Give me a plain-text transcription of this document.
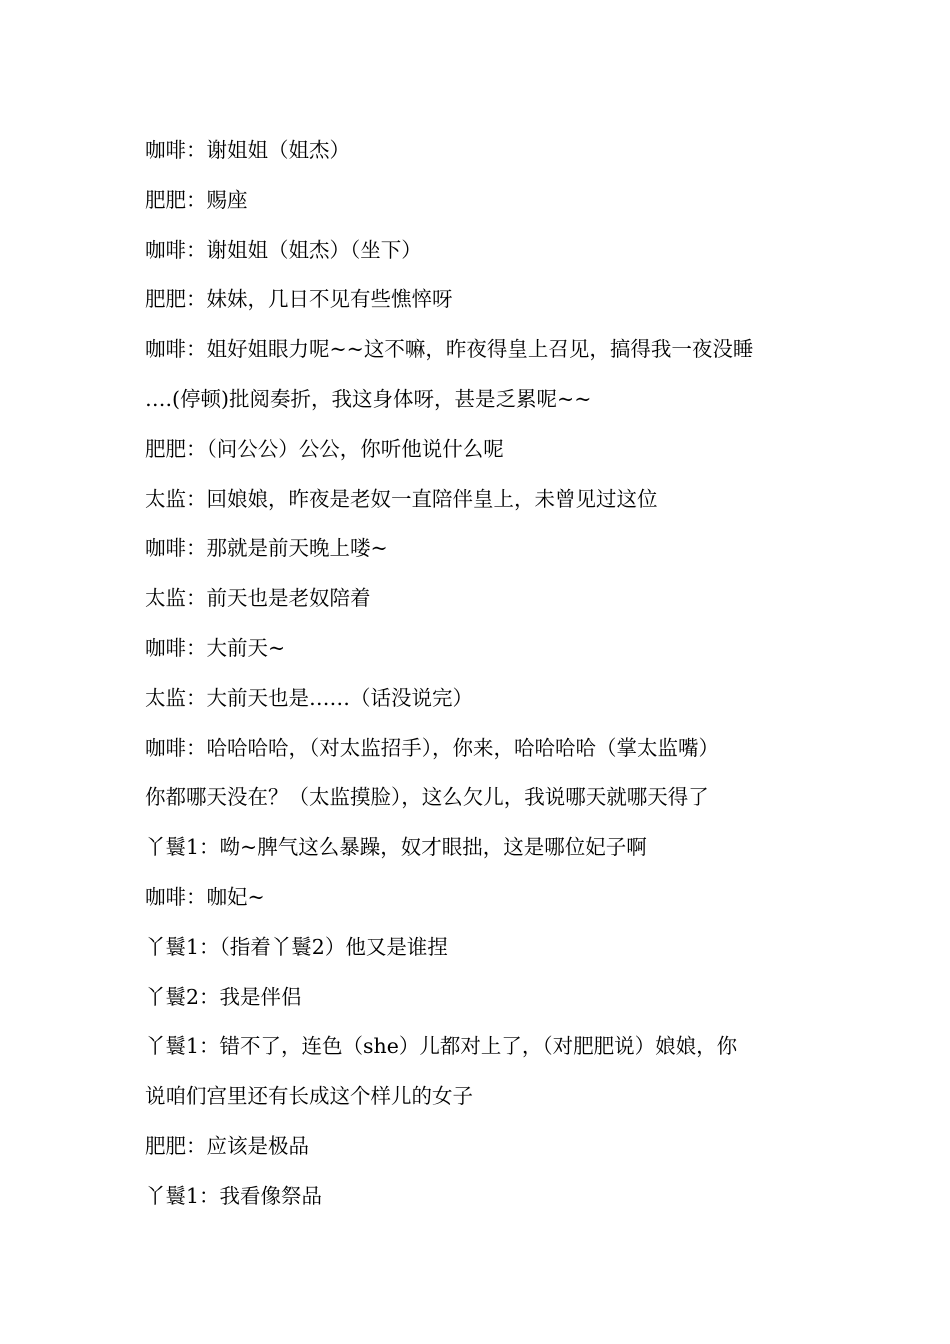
咖啡：谢姐姐（姐杰）
肥肥：赐座
咖啡：谢姐姐（姐杰）（坐下）
肥肥：妹妹，几日不见有些憔悴呀
咖啡：姐好姐眼力呢~~这不嘛，昨夜得皇上召见，搞得我一夜没睡
….(停顿)批阅奏折，我这身体呀，甚是乏累呢~~
肥肥：（问公公）公公，你听他说什么呢
太监：回娘娘，昨夜是老奴一直陪伴皇上，未曾见过这位
咖啡：那就是前天晚上喽~
太监：前天也是老奴陪着
咖啡：大前天~
太监：大前天也是……（话没说完）
咖啡：哈哈哈哈，（对太监招手），你来，哈哈哈哈（掌太监嘴）
你都哪天没在？（太监摸脸），这么欠儿，我说哪天就哪天得了
丫鬟1：呦~脾气这么暴躁，奴才眼拙，这是哪位妃子啊
咖啡：咖妃~
丫鬟1：（指着丫鬟2）他又是谁捏
丫鬟2：我是伴侣
丫鬟1：错不了，连色（she）儿都对上了，（对肥肥说）娘娘，你
说咱们宫里还有长成这个样儿的女子
肥肥：应该是极品
丫鬟1：我看像祭品
